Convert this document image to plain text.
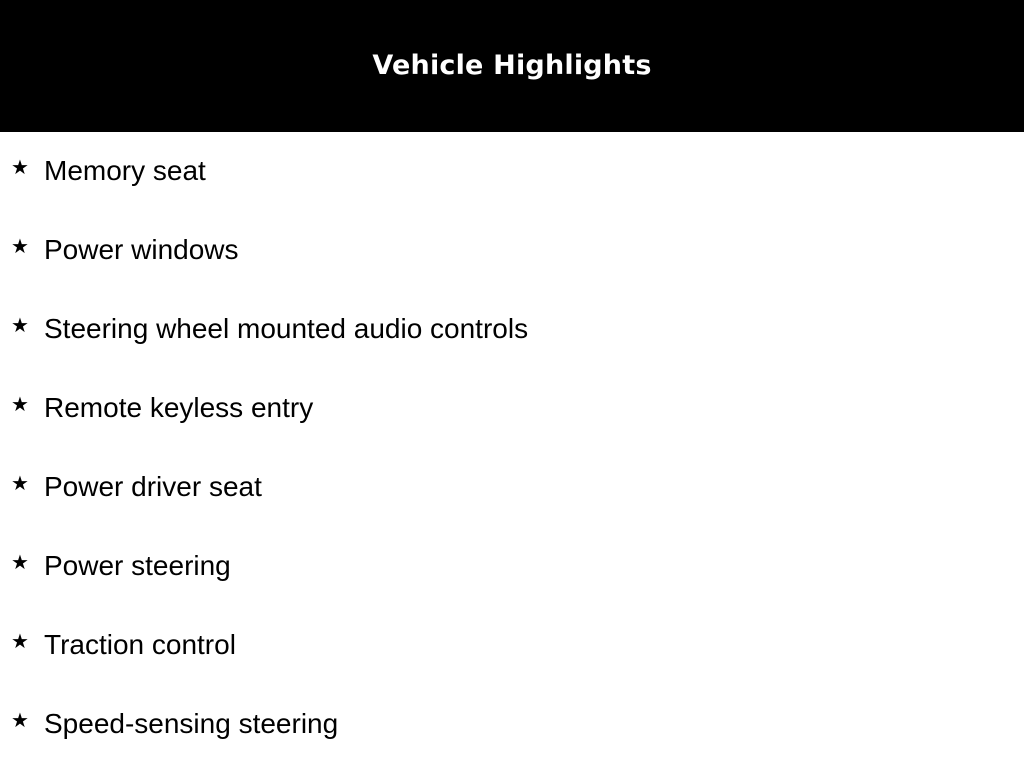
Vehicle Highlights
★ Memory seat
★ Power windows
★ Steering wheel mounted audio controls
★ Remote keyless entry
★ Power driver seat
★ Power steering
★ Traction control
★ Speed-sensing steering
